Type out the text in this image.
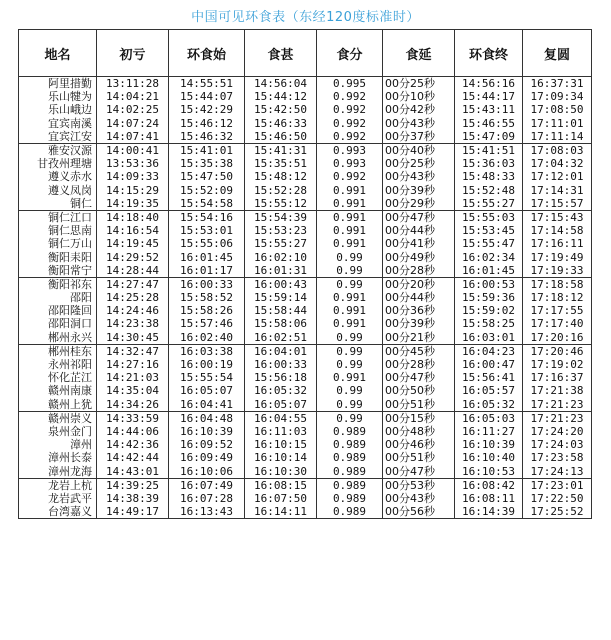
中国可见环食表（东经120度标准时）
地名	初亏	环食始	食甚	食分	食延	环食终	复圆
阿里措勤	13:11:28	14:55:51	14:56:04	0.995	00分25秒	14:56:16	16:37:31
乐山犍为	14:04:21	15:44:07	15:44:12	0.992	00分10秒	15:44:17	17:09:34
乐山峨边	14:02:25	15:42:29	15:42:50	0.992	00分42秒	15:43:11	17:08:50
宜宾南溪	14:07:24	15:46:12	15:46:33	0.992	00分43秒	15:46:55	17:11:01
宜宾江安	14:07:41	15:46:32	15:46:50	0.992	00分37秒	15:47:09	17:11:14
雅安汉源	14:00:41	15:41:01	15:41:31	0.993	00分40秒	15:41:51	17:08:03
甘孜州理塘	13:53:36	15:35:38	15:35:51	0.993	00分25秒	15:36:03	17:04:32
遵义赤水	14:09:33	15:47:50	15:48:12	0.992	00分43秒	15:48:33	17:12:01
遵义凤岗	14:15:29	15:52:09	15:52:28	0.991	00分39秒	15:52:48	17:14:31
铜仁	14:19:35	15:54:58	15:55:12	0.991	00分29秒	15:55:27	17:15:57
铜仁江口	14:18:40	15:54:16	15:54:39	0.991	00分47秒	15:55:03	17:15:43
铜仁思南	14:16:54	15:53:01	15:53:23	0.991	00分44秒	15:53:45	17:14:58
铜仁万山	14:19:45	15:55:06	15:55:27	0.991	00分41秒	15:55:47	17:16:11
衡阳耒阳	14:29:52	16:01:45	16:02:10	0.99	00分49秒	16:02:34	17:19:49
衡阳常宁	14:28:44	16:01:17	16:01:31	0.99	00分28秒	16:01:45	17:19:33
衡阳祁东	14:27:47	16:00:33	16:00:43	0.99	00分20秒	16:00:53	17:18:58
邵阳	14:25:28	15:58:52	15:59:14	0.991	00分44秒	15:59:36	17:18:12
邵阳隆回	14:24:46	15:58:26	15:58:44	0.991	00分36秒	15:59:02	17:17:55
邵阳洞口	14:23:38	15:57:46	15:58:06	0.991	00分39秒	15:58:25	17:17:40
郴州永兴	14:30:45	16:02:40	16:02:51	0.99	00分21秒	16:03:01	17:20:16
郴州桂东	14:32:47	16:03:38	16:04:01	0.99	00分45秒	16:04:23	17:20:46
永州祁阳	14:27:16	16:00:19	16:00:33	0.99	00分28秒	16:00:47	17:19:02
怀化芷江	14:21:03	15:55:54	15:56:18	0.991	00分47秒	15:56:41	17:16:37
赣州南康	14:35:04	16:05:07	16:05:32	0.99	00分50秒	16:05:57	17:21:38
赣州上犹	14:34:26	16:04:41	16:05:07	0.99	00分51秒	16:05:32	17:21:23
赣州崇义	14:33:59	16:04:48	16:04:55	0.99	00分15秒	16:05:03	17:21:23
泉州金门	14:44:06	16:10:39	16:11:03	0.989	00分48秒	16:11:27	17:24:20
漳州	14:42:36	16:09:52	16:10:15	0.989	00分46秒	16:10:39	17:24:03
漳州长泰	14:42:44	16:09:49	16:10:14	0.989	00分51秒	16:10:40	17:23:58
漳州龙海	14:43:01	16:10:06	16:10:30	0.989	00分47秒	16:10:53	17:24:13
龙岩上杭	14:39:25	16:07:49	16:08:15	0.989	00分53秒	16:08:42	17:23:01
龙岩武平	14:38:39	16:07:28	16:07:50	0.989	00分43秒	16:08:11	17:22:50
台湾嘉义	14:49:17	16:13:43	16:14:11	0.989	00分56秒	16:14:39	17:25:52
